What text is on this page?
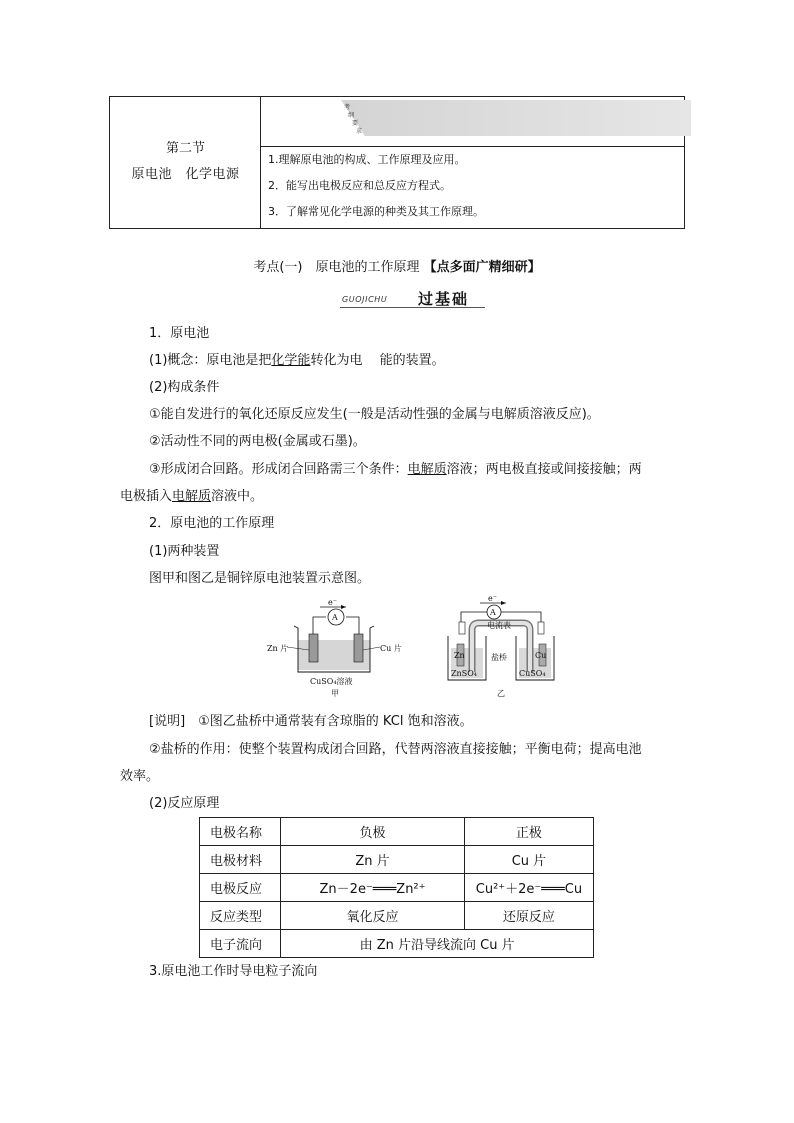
第二节
原电池　化学电源
考
纲
要
求
1.理解原电池的构成、工作原理及应用。
2．能写出电极反应和总反应方程式。
3．了解常见化学电源的种类及其工作原理。
考点(一)　原电池的工作原理 【点多面广精细研】
GUOJICHU 过基础
1．原电池
(1)概念：原电池是把化学能转化为电　 能的装置。
(2)构成条件
①能自发进行的氧化还原反应发生(一般是活动性强的金属与电解质溶液反应)。
②活动性不同的两电极(金属或石墨)。
③形成闭合回路。形成闭合回路需三个条件：电解质溶液；两电极直接或间接接触；两
电极插入电解质溶液中。
2．原电池的工作原理
(1)两种装置
图甲和图乙是铜锌原电池装置示意图。
e⁻
A
Zn 片	Cu 片
CuSO₄溶液
甲
e⁻
A
电流表
盐桥
Zn	Cu
ZnSO₄	CuSO₄
乙
[说明]　①图乙盐桥中通常装有含琼脂的 KCl 饱和溶液。
②盐桥的作用：使整个装置构成闭合回路，代替两溶液直接接触；平衡电荷；提高电池
效率。
(2)反应原理
电极名称	负极	正极
电极材料	Zn 片	Cu 片
电极反应	Zn－2e⁻═══Zn²⁺	Cu²⁺＋2e⁻═══Cu
反应类型	氧化反应	还原反应
电子流向	由 Zn 片沿导线流向 Cu 片	
3.原电池工作时导电粒子流向
